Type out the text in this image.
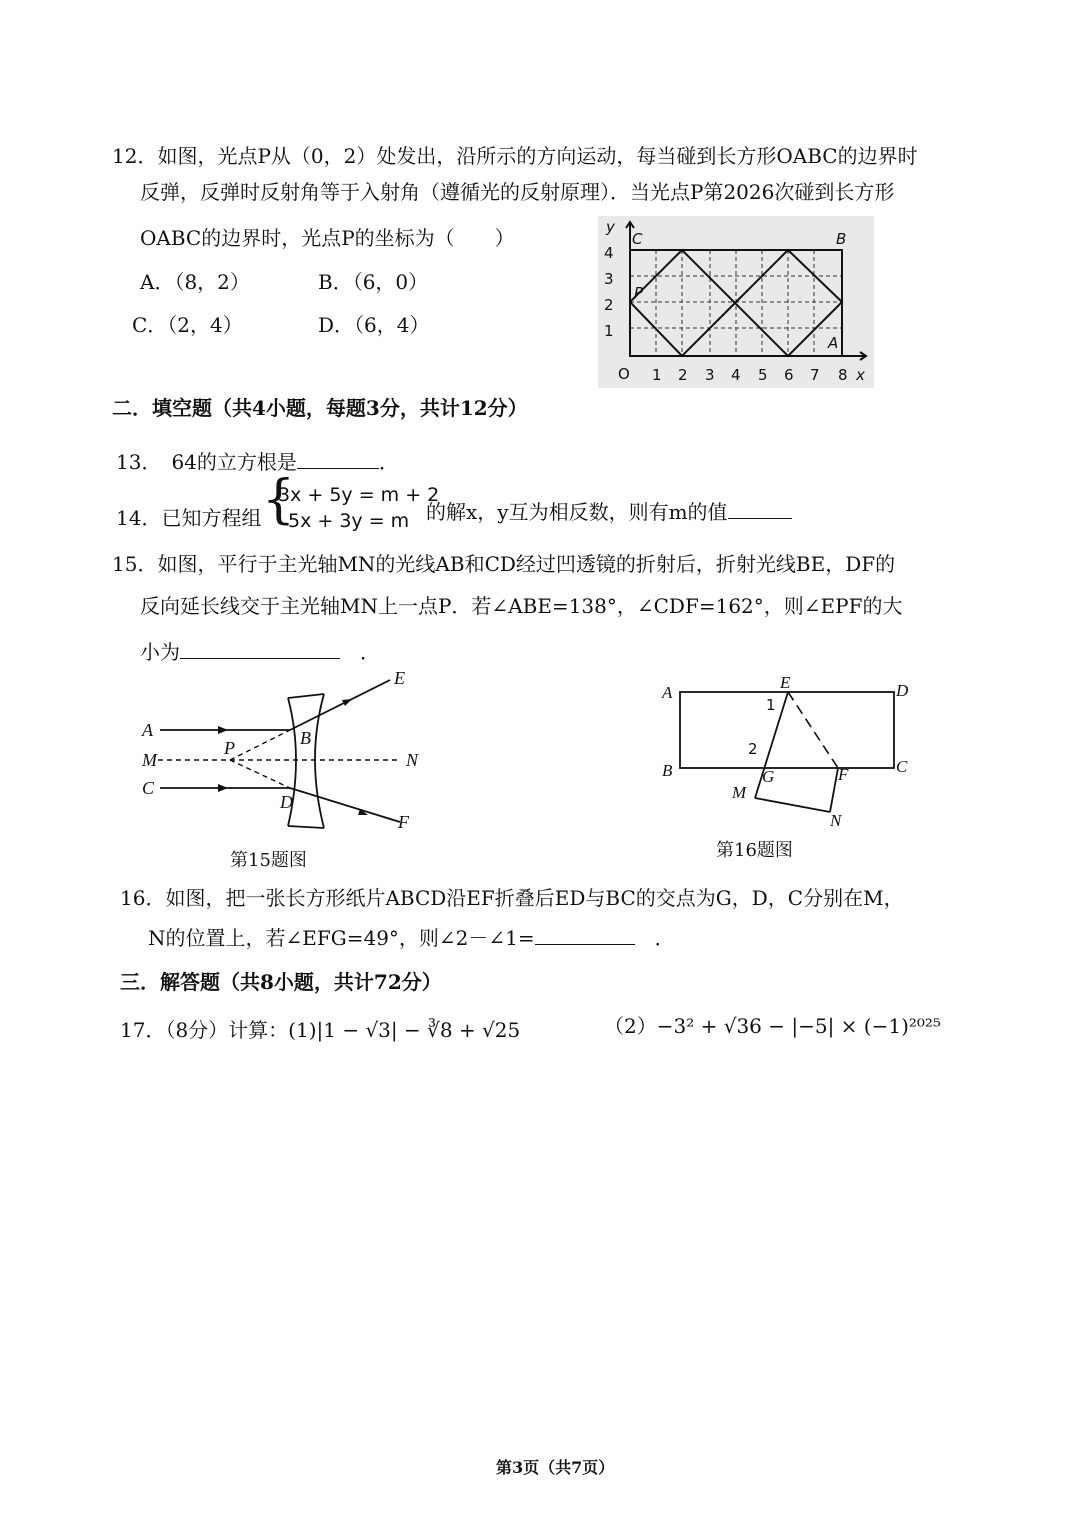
12．如图，光点P从（0，2）处发出，沿所示的方向运动，每当碰到长方形OABC的边界时
反弹，反弹时反射角等于入射角（遵循光的反射原理）．当光点P第2026次碰到长方形
OABC的边界时，光点P的坐标为（　　）
A．（8，2）	B．（6，0）
C．（2，4）	D．（6，4）
O 1 2 3 4 5 6 7 8 x
1
2
3
4
y
C	B
A
P
二．填空题（共4小题，每题3分，共计12分）
13．　64的立方根是	．
14．已知方程组 {
3x + 5y = m + 2
5x + 3y = m 的解x，y互为相反数，则有m的值
15．如图，平行于主光轴MN的光线AB和CD经过凹透镜的折射后，折射光线BE，DF的
反向延长线交于主光轴MN上一点P．若∠ABE=138°，∠CDF=162°，则∠EPF的大
小为	　．
A
M
C
P	B
D
N
E
F
第15题图
A
E	D
B	G	F	C
M
N
1
2
第16题图
16．如图，把一张长方形纸片ABCD沿EF折叠后ED与BC的交点为G，D，C分别在M，
N的位置上，若∠EFG=49°，则∠2－∠1=	　．
三．解答题（共8小题，共计72分）
17．（8分）计算：(1)|1 − √3| − ∛8 + √25	（2）−3² + √36 − |−5| × (−1)²⁰²⁵
第3页（共7页）
